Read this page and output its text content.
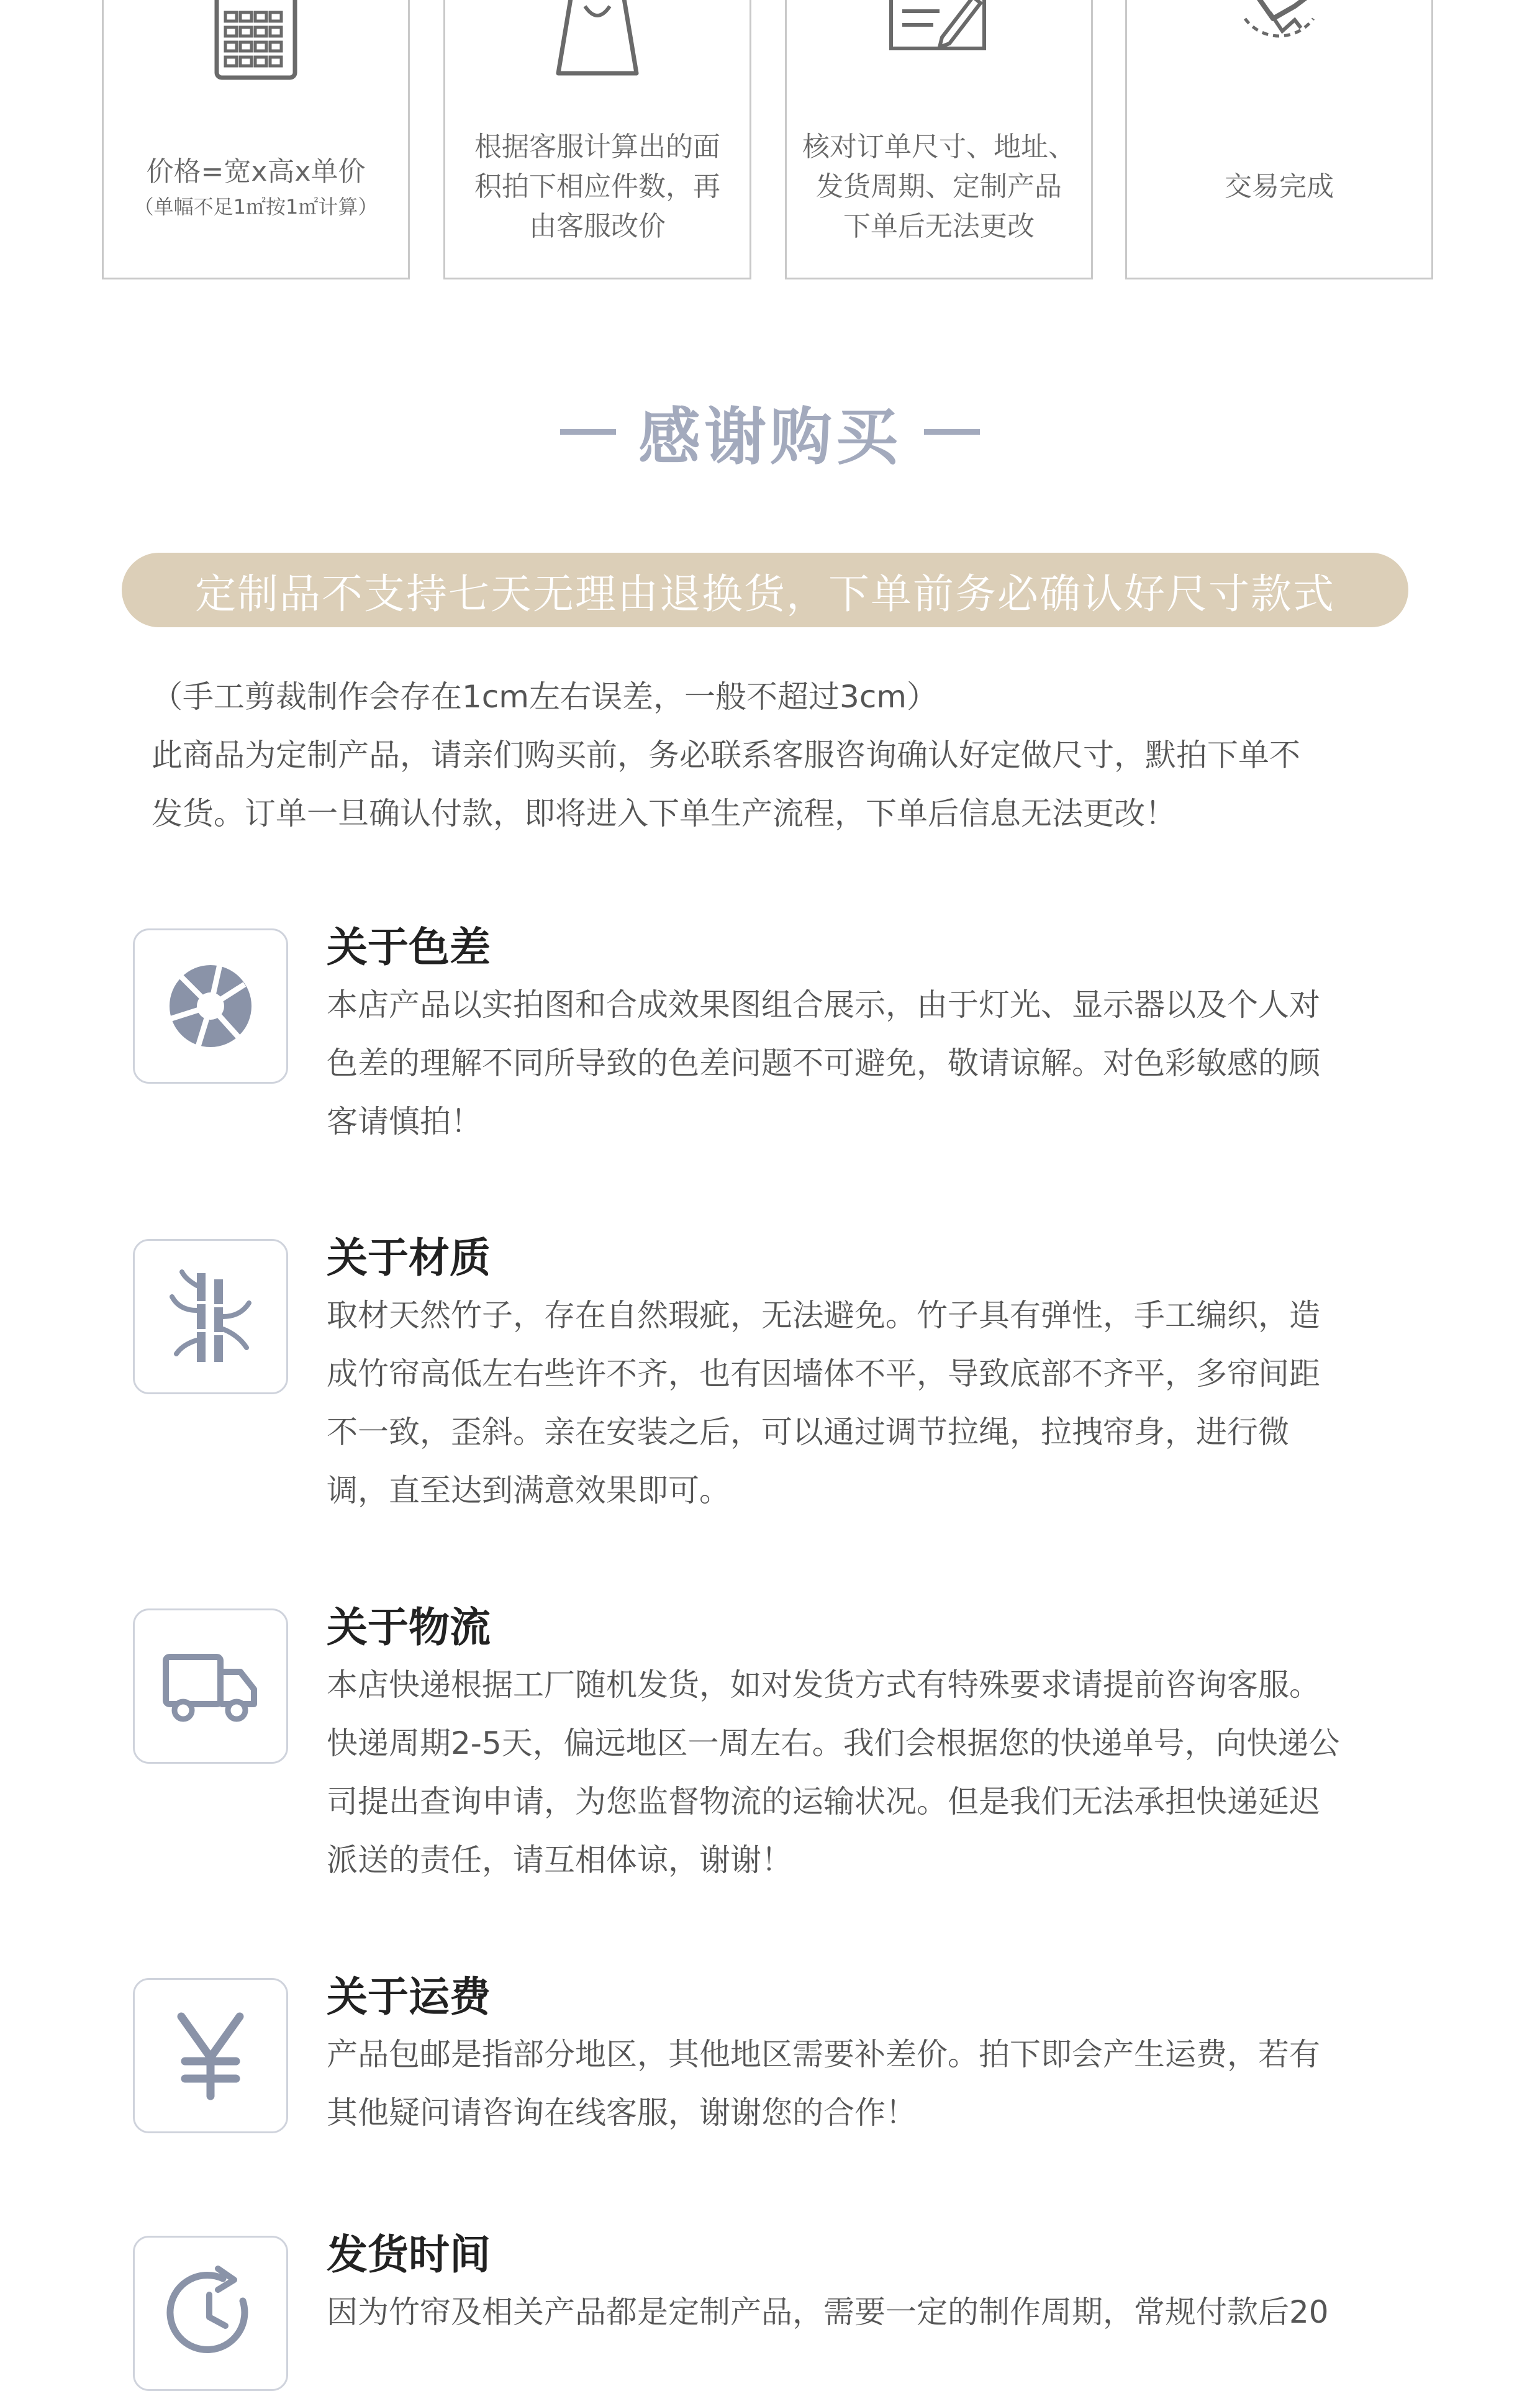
价格=宽x高x单价
（单幅不足1㎡按1㎡计算）
根据客服计算出的面
积拍下相应件数，再
由客服改价
核对订单尺寸、地址、
发货周期、定制产品
下单后无法更改
交易完成
感谢购买
定制品不支持七天无理由退换货，下单前务必确认好尺寸款式
（手工剪裁制作会存在1cm左右误差，一般不超过3cm）
此商品为定制产品，请亲们购买前，务必联系客服咨询确认好定做尺寸，默拍下单不
发货。订单一旦确认付款，即将进入下单生产流程，下单后信息无法更改！
关于色差
本店产品以实拍图和合成效果图组合展示，由于灯光、显示器以及个人对
色差的理解不同所导致的色差问题不可避免，敬请谅解。对色彩敏感的顾
客请慎拍！
关于材质
取材天然竹子，存在自然瑕疵，无法避免。竹子具有弹性，手工编织，造
成竹帘高低左右些许不齐，也有因墙体不平，导致底部不齐平，多帘间距
不一致，歪斜。亲在安装之后，可以通过调节拉绳，拉拽帘身，进行微
调，直至达到满意效果即可。
关于物流
本店快递根据工厂随机发货，如对发货方式有特殊要求请提前咨询客服。
快递周期2-5天，偏远地区一周左右。我们会根据您的快递单号，向快递公
司提出查询申请，为您监督物流的运输状况。但是我们无法承担快递延迟
派送的责任，请互相体谅，谢谢！
关于运费
产品包邮是指部分地区，其他地区需要补差价。拍下即会产生运费，若有
其他疑问请咨询在线客服，谢谢您的合作！
发货时间
因为竹帘及相关产品都是定制产品，需要一定的制作周期，常规付款后20
